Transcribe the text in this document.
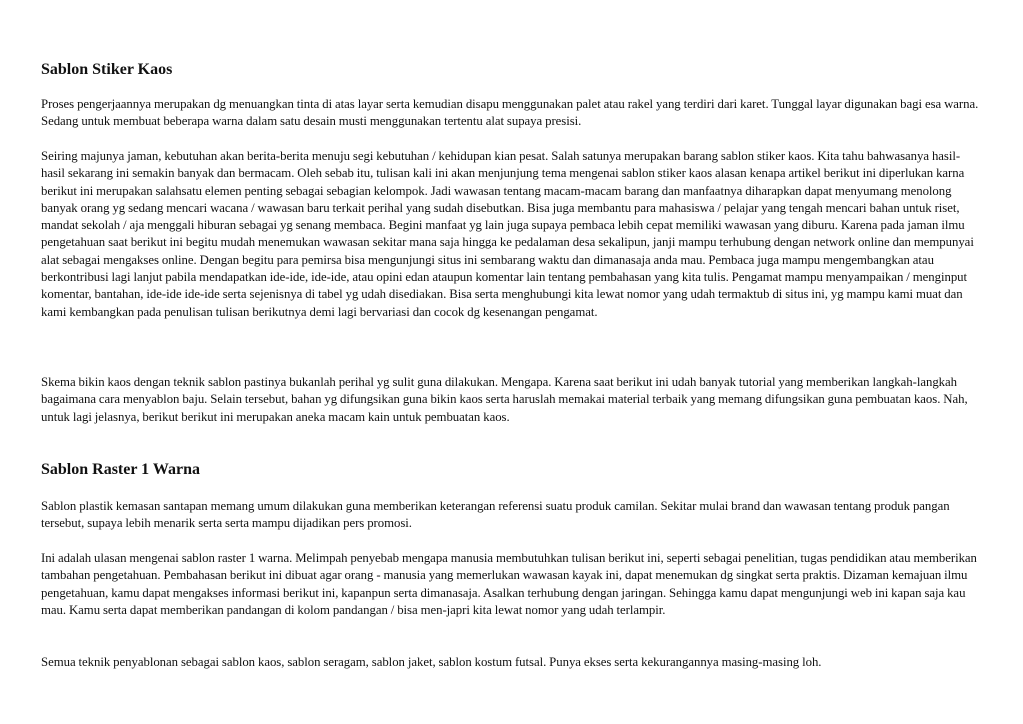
Sablon Stiker Kaos

Proses pengerjaannya merupakan dg menuangkan tinta di atas layar serta kemudian disapu menggunakan palet atau rakel yang terdiri dari karet. Tunggal layar digunakan bagi esa warna. Sedang untuk membuat beberapa warna dalam satu desain musti menggunakan tertentu alat supaya presisi.

Seiring majunya jaman, kebutuhan akan berita-berita menuju segi kebutuhan / kehidupan kian pesat. Salah satunya merupakan barang sablon stiker kaos. Kita tahu bahwasanya hasil-hasil sekarang ini semakin banyak dan bermacam. Oleh sebab itu, tulisan kali ini akan menjunjung tema mengenai sablon stiker kaos alasan kenapa artikel berikut ini diperlukan karna berikut ini merupakan salahsatu elemen penting sebagai sebagian kelompok. Jadi wawasan tentang macam-macam barang dan manfaatnya diharapkan dapat menyumang menolong banyak orang yg sedang mencari wacana / wawasan baru terkait perihal yang sudah disebutkan. Bisa juga membantu para mahasiswa / pelajar yang tengah mencari bahan untuk riset, mandat sekolah / aja menggali hiburan sebagai yg senang membaca. Begini manfaat yg lain juga supaya pembaca lebih cepat memiliki wawasan yang diburu. Karena pada jaman ilmu pengetahuan saat berikut ini begitu mudah menemukan wawasan sekitar mana saja hingga ke pedalaman desa sekalipun, janji mampu terhubung dengan network online dan mempunyai alat sebagai mengakses online. Dengan begitu para pemirsa bisa mengunjungi situs ini sembarang waktu dan dimanasaja anda mau. Pembaca juga mampu mengembangkan atau berkontribusi lagi lanjut pabila mendapatkan ide-ide, ide-ide, atau opini edan ataupun komentar lain tentang pembahasan yang kita tulis. Pengamat mampu menyampaikan / menginput komentar, bantahan, ide-ide ide-ide serta sejenisnya di tabel yg udah disediakan. Bisa serta menghubungi kita lewat nomor yang udah termaktub di situs ini, yg mampu kami muat dan kami kembangkan pada penulisan tulisan berikutnya demi lagi bervariasi dan cocok dg kesenangan pengamat.

Skema bikin kaos dengan teknik sablon pastinya bukanlah perihal yg sulit guna dilakukan. Mengapa. Karena saat berikut ini udah banyak tutorial yang memberikan langkah-langkah bagaimana cara menyablon baju. Selain tersebut, bahan yg difungsikan guna bikin kaos serta haruslah memakai material terbaik yang memang difungsikan guna pembuatan kaos. Nah, untuk lagi jelasnya, berikut berikut ini merupakan aneka macam kain untuk pembuatan kaos.

Sablon Raster 1 Warna

Sablon plastik kemasan santapan memang umum dilakukan guna memberikan keterangan referensi suatu produk camilan. Sekitar mulai brand dan wawasan tentang produk pangan tersebut, supaya lebih menarik serta serta mampu dijadikan pers promosi.

Ini adalah ulasan mengenai sablon raster 1 warna. Melimpah penyebab mengapa manusia membutuhkan tulisan berikut ini, seperti sebagai penelitian, tugas pendidikan atau memberikan tambahan pengetahuan. Pembahasan berikut ini dibuat agar orang - manusia yang memerlukan wawasan kayak ini, dapat menemukan dg singkat serta praktis. Dizaman kemajuan ilmu pengetahuan, kamu dapat mengakses informasi berikut ini, kapanpun serta dimanasaja. Asalkan terhubung dengan jaringan. Sehingga kamu dapat mengunjungi web ini kapan saja kau mau. Kamu serta dapat memberikan pandangan di kolom pandangan / bisa men-japri kita lewat nomor yang udah terlampir.

Semua teknik penyablonan sebagai sablon kaos, sablon seragam, sablon jaket, sablon kostum futsal. Punya ekses serta kekurangannya masing-masing loh.
